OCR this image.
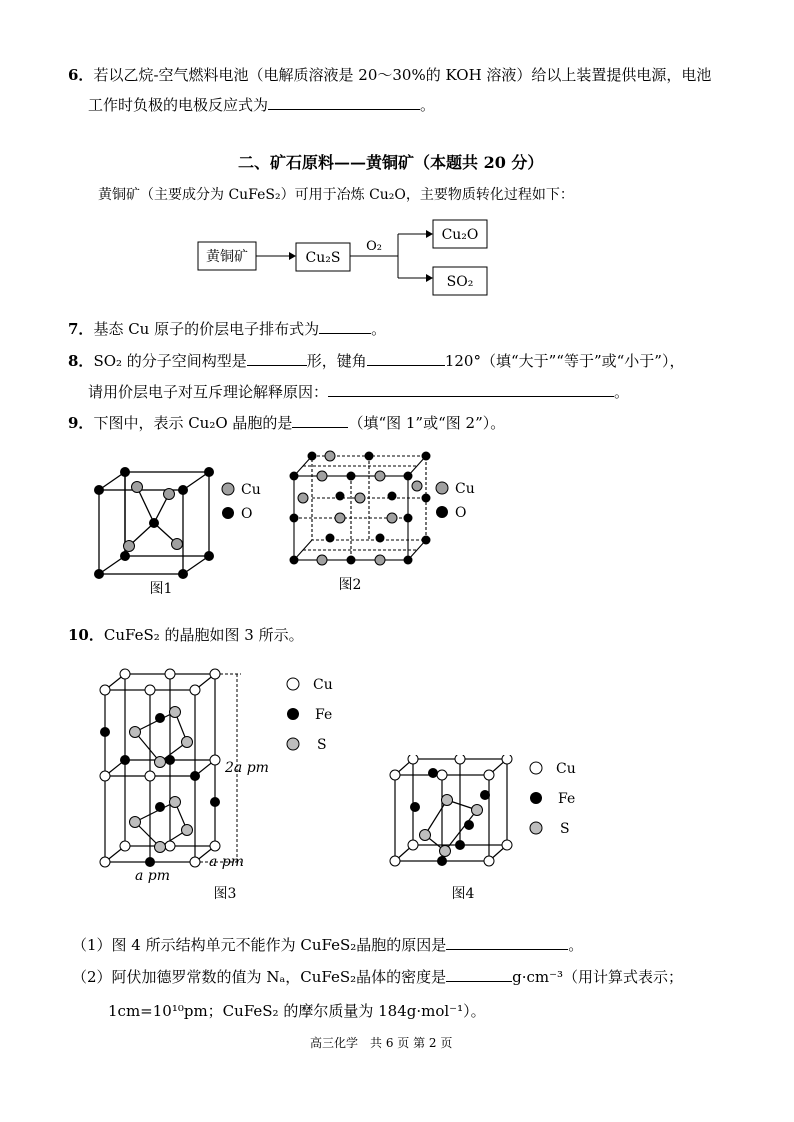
6．若以乙烷-空气燃料电池（电解质溶液是 20～30%的 KOH 溶液）给以上装置提供电源，电池
工作时负极的电极反应式为	。
二、矿石原料——黄铜矿（本题共 20 分）
黄铜矿（主要成分为 CuFeS₂）可用于冶炼 Cu₂O，主要物质转化过程如下：
黄铜矿	Cu₂S
O₂
Cu₂O
SO₂
7．基态 Cu 原子的价层电子排布式为	。
8．SO₂ 的分子空间构型是	形，键角	120°（填“大于”“等于”或“小于”），
请用价层电子对互斥理论解释原因：	。
9．下图中，表示 Cu₂O 晶胞的是	（填“图 1”或“图 2”）。
Cu
O
图1
Cu
O
图2
10．CuFeS₂ 的晶胞如图 3 所示。
Cu
Fe
S
2a pm
a pm
a pm
图3
Cu
Fe
S
图4
（1）图 4 所示结构单元不能作为 CuFeS₂晶胞的原因是	。
（2）阿伏加德罗常数的值为 Nₐ，CuFeS₂晶体的密度是	g·cm⁻³（用计算式表示；
1cm=10¹⁰pm；CuFeS₂ 的摩尔质量为 184g·mol⁻¹）。
高三化学　共 6 页 第 2 页
